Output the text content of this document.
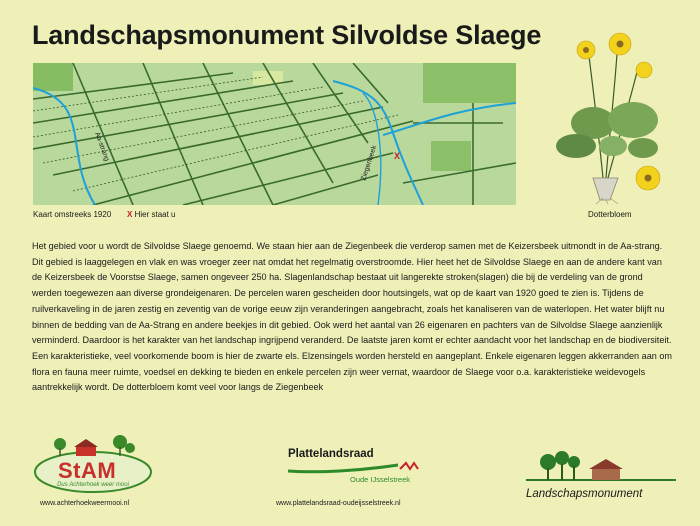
Landschapsmonument Silvoldse Slaege
Aa-strang	Ziegenbeek X
Kaart omstreeks 1920 X Hier staat u	Dotterbloem

Het gebied voor u wordt de Silvoldse Slaege genoemd. We staan hier aan de Ziegenbeek die verderop samen met de Keizersbeek uitmondt in de Aa-strang. Dit gebied is laaggelegen en vlak en was vroeger zeer nat omdat het regelmatig overstroomde. Hier heet het de Silvoldse Slaege en aan de andere kant van de Keizersbeek de Voorstse Slaege, samen ongeveer 250 ha. Slagenlandschap bestaat uit langerekte stroken(slagen) die bij de verdeling van de grond werden toegewezen aan diverse grondeigenaren. De percelen waren gescheiden door houtsingels, wat op de kaart van 1920 goed te zien is. Tijdens de ruilverkaveling in de jaren zestig en zeventig van de vorige eeuw zijn veranderingen aangebracht, zoals het kanaliseren van de waterlopen. Het water blijft nu binnen de bedding van de Aa-Strang en andere beekjes in dit gebied. Ook werd het aantal van 26 eigenaren en pachters van de Silvoldse Slaege aanzienlijk verminderd. Daardoor is het karakter van het landschap ingrijpend veranderd. De laatste jaren komt er echter aandacht voor het landschap en de biodiversiteit. Een karakteristieke, veel voorkomende boom is hier de zwarte els. Elzensingels worden hersteld en aangeplant. Enkele eigenaren leggen akkerranden aan om flora en fauna meer ruimte, voedsel en dekking te bieden en enkele percelen zijn weer vernat, waardoor de Slaege voor o.a. karakteristieke weidevogels aantrekkelijk wordt. De dotterbloem komt veel voor langs de Ziegenbeek

StAM
Dus Achterhoek weer mooi
www.achterhoekweermooi.nl
Plattelandsraad
Oude IJsselstreek
www.plattelandsraad-oudeijsselstreek.nl
Landschapsmonument
